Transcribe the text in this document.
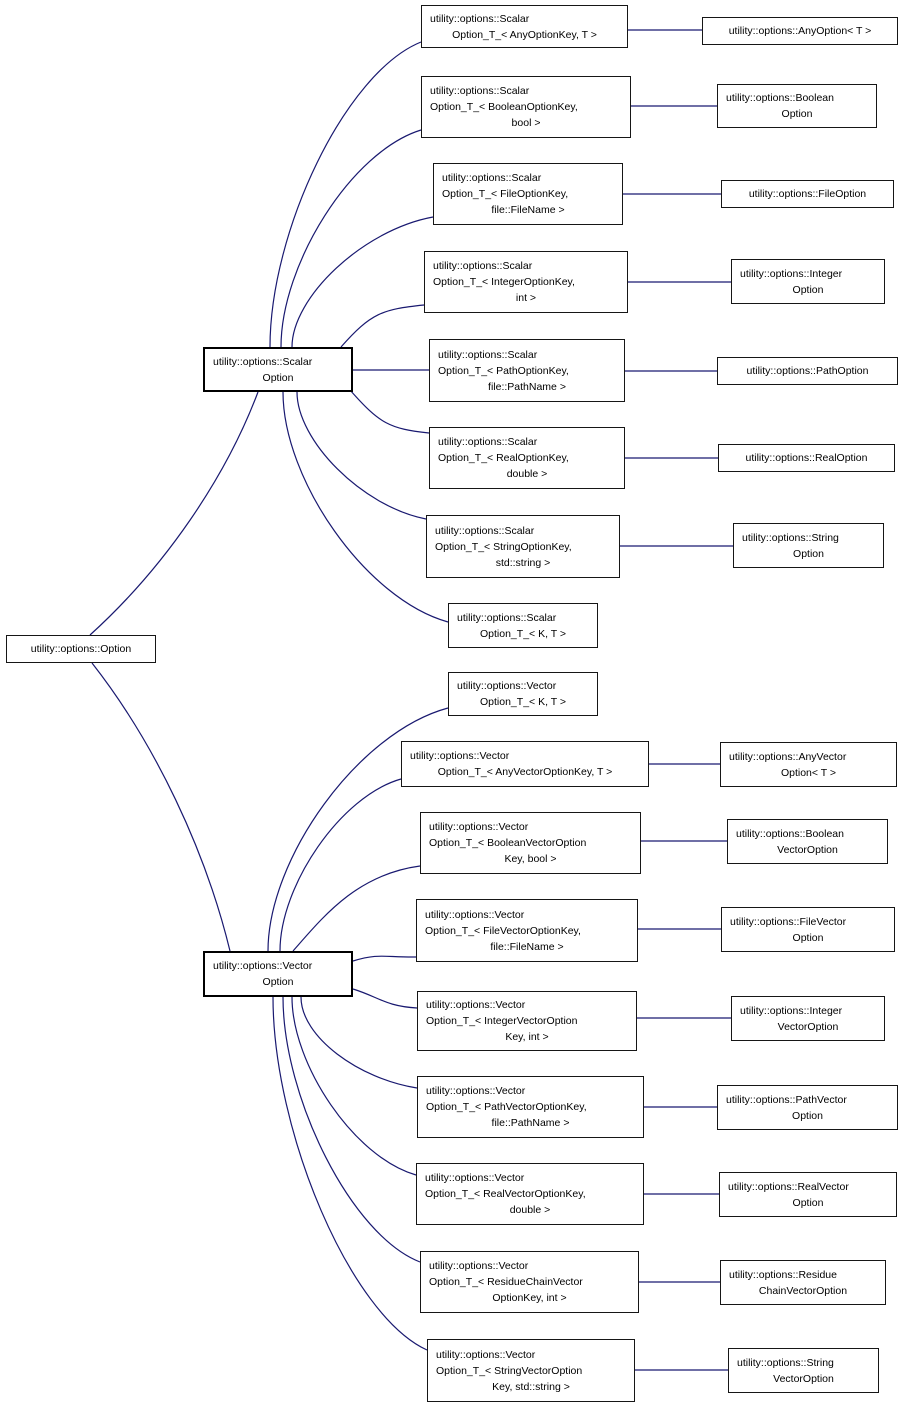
utility::options::Option
utility::options::Scalar
Option
utility::options::Vector
Option
utility::options::Scalar
Option_T_< AnyOptionKey, T >
utility::options::Scalar
Option_T_< BooleanOptionKey,
bool >
utility::options::Scalar
Option_T_< FileOptionKey,
file::FileName >
utility::options::Scalar
Option_T_< IntegerOptionKey,
int >
utility::options::Scalar
Option_T_< PathOptionKey,
file::PathName >
utility::options::Scalar
Option_T_< RealOptionKey,
double >
utility::options::Scalar
Option_T_< StringOptionKey,
std::string >
utility::options::Scalar
Option_T_< K, T >
utility::options::Vector
Option_T_< K, T >
utility::options::Vector
Option_T_< AnyVectorOptionKey, T >
utility::options::Vector
Option_T_< BooleanVectorOption
Key, bool >
utility::options::Vector
Option_T_< FileVectorOptionKey,
file::FileName >
utility::options::Vector
Option_T_< IntegerVectorOption
Key, int >
utility::options::Vector
Option_T_< PathVectorOptionKey,
file::PathName >
utility::options::Vector
Option_T_< RealVectorOptionKey,
double >
utility::options::Vector
Option_T_< ResidueChainVector
OptionKey, int >
utility::options::Vector
Option_T_< StringVectorOption
Key, std::string >
utility::options::AnyOption< T >
utility::options::Boolean
Option
utility::options::FileOption
utility::options::Integer
Option
utility::options::PathOption
utility::options::RealOption
utility::options::String
Option
utility::options::AnyVector
Option< T >
utility::options::Boolean
VectorOption
utility::options::FileVector
Option
utility::options::Integer
VectorOption
utility::options::PathVector
Option
utility::options::RealVector
Option
utility::options::Residue
ChainVectorOption
utility::options::String
VectorOption
